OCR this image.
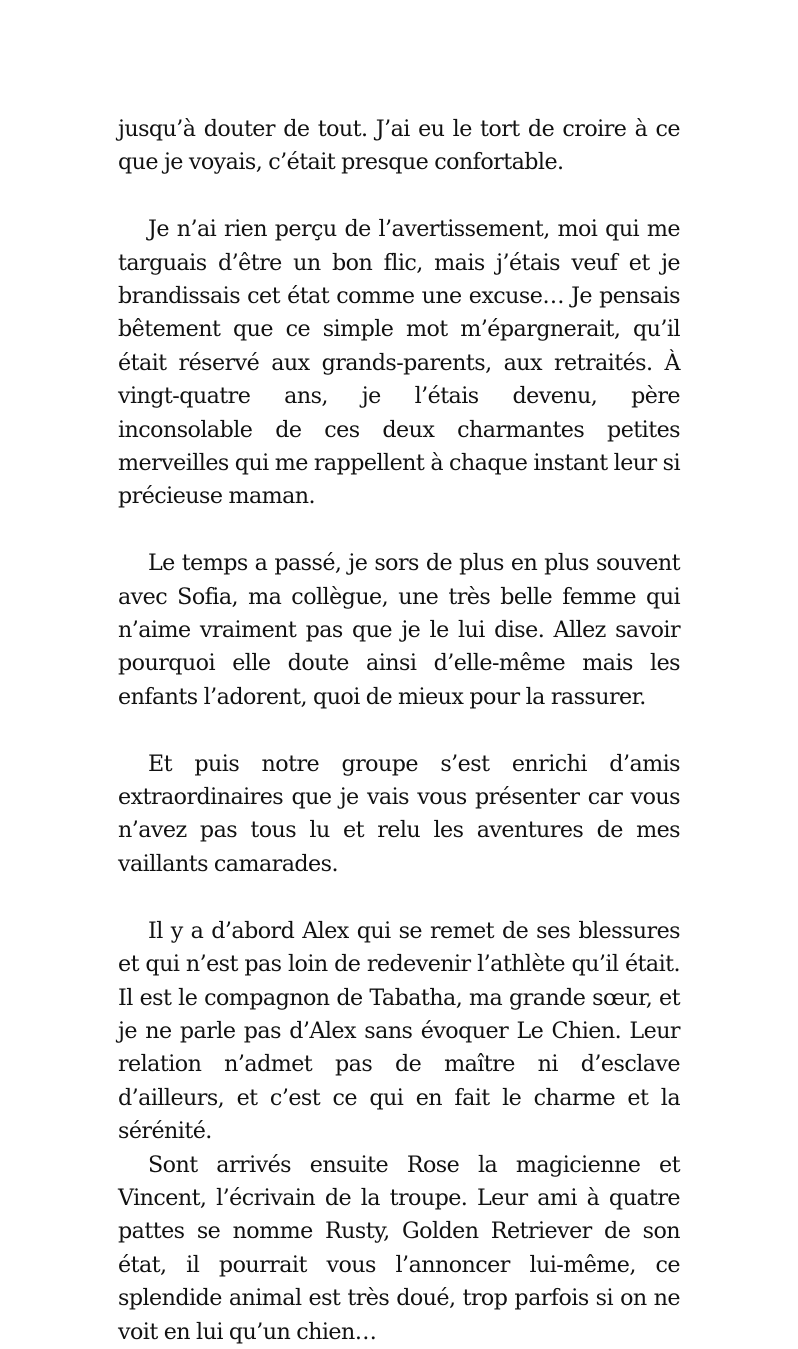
jusqu’à douter de tout. J’ai eu le tort de croire à ce que je voyais, c’était presque confortable.

Je n’ai rien perçu de l’avertissement, moi qui me targuais d’être un bon flic, mais j’étais veuf et je brandissais cet état comme une excuse… Je pensais bêtement que ce simple mot m’épargnerait, qu’il était réservé aux grands-parents, aux retraités. À vingt-quatre ans, je l’étais devenu, père inconsolable de ces deux charmantes petites merveilles qui me rappellent à chaque instant leur si précieuse maman.

Le temps a passé, je sors de plus en plus souvent avec Sofia, ma collègue, une très belle femme qui n’aime vraiment pas que je le lui dise. Allez savoir pourquoi elle doute ainsi d’elle-même mais les enfants l’adorent, quoi de mieux pour la rassurer.

Et puis notre groupe s’est enrichi d’amis extraordinaires que je vais vous présenter car vous n’avez pas tous lu et relu les aventures de mes vaillants camarades.

Il y a d’abord Alex qui se remet de ses blessures et qui n’est pas loin de redevenir l’athlète qu’il était. Il est le compagnon de Tabatha, ma grande sœur, et je ne parle pas d’Alex sans évoquer Le Chien. Leur relation n’admet pas de maître ni d’esclave d’ailleurs, et c’est ce qui en fait le charme et la sérénité.

Sont arrivés ensuite Rose la magicienne et Vincent, l’écrivain de la troupe. Leur ami à quatre pattes se nomme Rusty, Golden Retriever de son état, il pourrait vous l’annoncer lui-même, ce splendide animal est très doué, trop parfois si on ne voit en lui qu’un chien…
